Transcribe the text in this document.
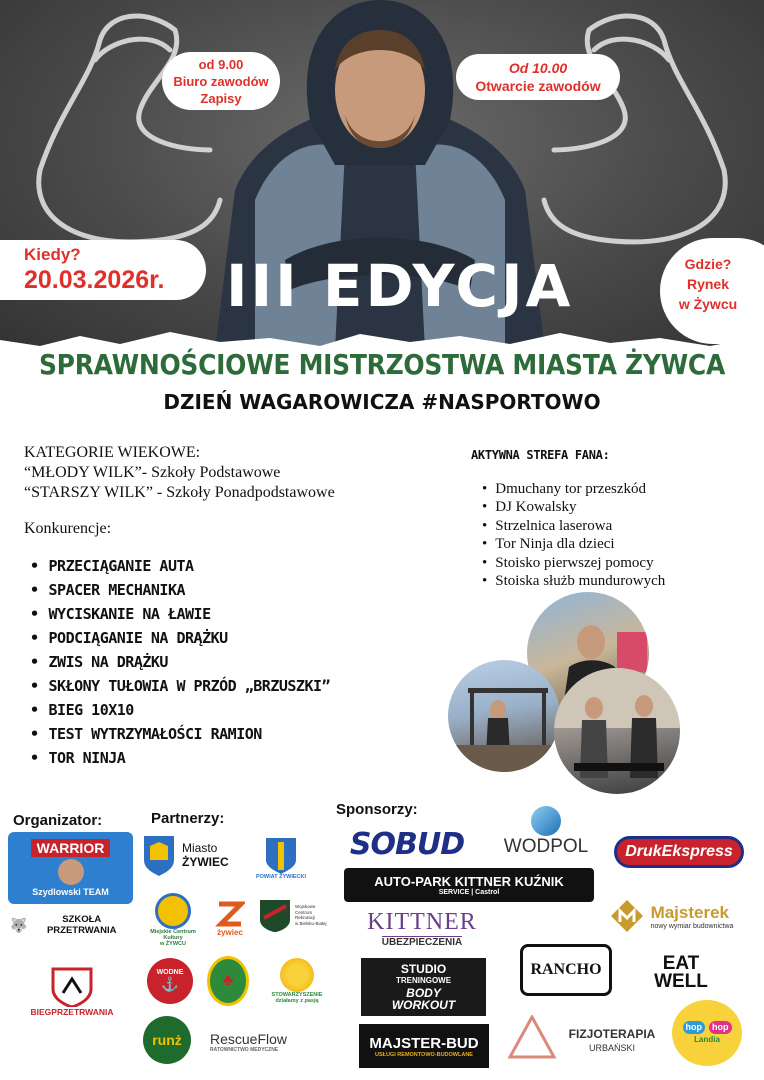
od 9.00
Biuro zawodów
Zapisy
Od 10.00
Otwarcie zawodów
Kiedy?
20.03.2026r.
Gdzie?
Rynek
w Żywcu
III EDYCJA
SPRAWNOŚCIOWE MISTRZOSTWA MIASTA ŻYWCA
DZIEŃ WAGAROWICZA #NASPORTOWO
KATEGORIE WIEKOWE:
“MŁODY WILK”- Szkoły Podstawowe
“STARSZY WILK” - Szkoły Ponadpodstawowe
Konkurencje:
• PRZECIĄGANIE AUTA
• SPACER MECHANIKA
• WYCISKANIE NA ŁAWIE
• PODCIĄGANIE NA DRĄŻKU
• ZWIS NA DRĄŻKU
• SKŁONY TUŁOWIA W PRZÓD „BRZUSZKI”
• BIEG 10X10
• TEST WYTRZYMAŁOŚCI RAMION
• TOR NINJA
AKTYWNA STREFA FANA:
• Dmuchany tor przeszkód
• DJ Kowalsky
• Strzelnica laserowa
• Tor Ninja dla dzieci
• Stoisko pierwszej pomocy
• Stoiska służb mundurowych
Organizator:	Partnerzy:
Sponsorzy:
WARRIOR
Szydlowski TEAM
🐺	SZKOŁA PRZETRWANIA
BIEGPRZETRWANIA
Miasto
ŻYWIEC
POWIAT ŻYWIECKI
Miejskie Centrum Kultury
w ŻYWCU
żywiec
Wojskowe
Centrum
Rekrutacji
w Bielsku-Białej
WODNE
⚓	♣
STOWARZYSZENIE działamy z pasją
runż RescueFlow
RATOWNICTWO MEDYCZNE
SOBUD WODPOL	DrukEkspress
AUTO-PARK KITTNER KUŹNIK
SERVICE | Castrol
KITTNER
UBEZPIECZENIA
Majsterek
nowy wymiar budownictwa
STUDIO
TRENINGOWE
BODY
WORKOUT
RANCHO	EAT
WELL
MAJSTER-BUD
USŁUGI REMONTOWO-BUDOWLANE
FIZJOTERAPIA
URBAŃSKI
hop	hop
Landia
